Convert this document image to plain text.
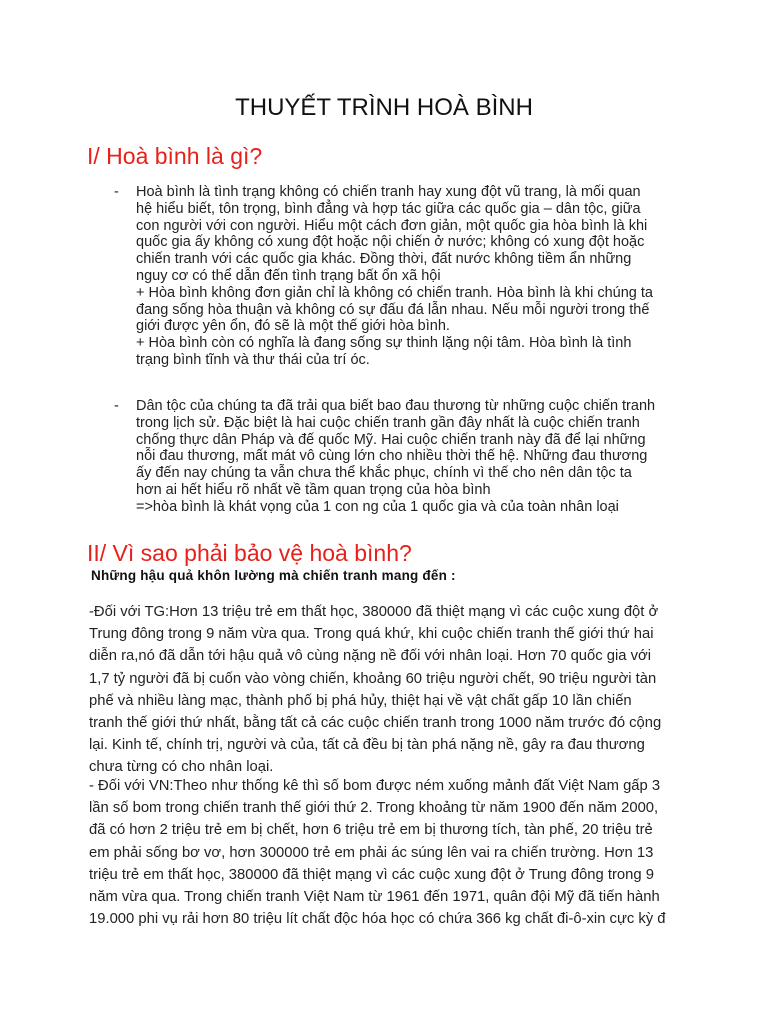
THUYẾT TRÌNH HOÀ BÌNH
I/ Hoà bình là gì?
- Hoà bình là tình trạng không có chiến tranh hay xung đột vũ trang, là mối quan
hệ hiểu biết, tôn trọng, bình đẳng và hợp tác giữa các quốc gia – dân tộc, giữa
con người với con người. Hiểu một cách đơn giản, một quốc gia hòa bình là khi
quốc gia ấy không có xung đột hoặc nội chiến ở nước; không có xung đột hoặc
chiến tranh với các quốc gia khác. Đồng thời, đất nước không tiềm ẩn những
nguy cơ có thể dẫn đến tình trạng bất ổn xã hội
+ Hòa bình không đơn giản chỉ là không có chiến tranh. Hòa bình là khi chúng ta
đang sống hòa thuận và không có sự đấu đá lẫn nhau. Nếu mỗi người trong thế
giới được yên ổn, đó sẽ là một thế giới hòa bình.
+ Hòa bình còn có nghĩa là đang sống sự thinh lặng nội tâm. Hòa bình là tình
trạng bình tĩnh và thư thái của trí óc.
- Dân tộc của chúng ta đã trải qua biết bao đau thương từ những cuộc chiến tranh
trong lịch sử. Đặc biệt là hai cuộc chiến tranh gần đây nhất là cuộc chiến tranh
chống thực dân Pháp và đế quốc Mỹ. Hai cuộc chiến tranh này đã để lại những
nỗi đau thương, mất mát vô cùng lớn cho nhiều thời thế hệ. Những đau thương
ấy đến nay chúng ta vẫn chưa thể khắc phục, chính vì thế cho nên dân tộc ta
hơn ai hết hiểu rõ nhất về tầm quan trọng của hòa bình
=>hòa bình là khát vọng của 1 con ng của 1 quốc gia và của toàn nhân loại
II/ Vì sao phải bảo vệ hoà bình?
Những hậu quả khôn lường mà chiến tranh mang đến :
-Đối với TG:Hơn 13 triệu trẻ em thất học, 380000 đã thiệt mạng vì các cuộc xung đột ở
Trung đông trong 9 năm vừa qua. Trong quá khứ, khi cuộc chiến tranh thế giới thứ hai
diễn ra,nó đã dẫn tới hậu quả vô cùng nặng nề đối với nhân loại. Hơn 70 quốc gia với
1,7 tỷ người đã bị cuốn vào vòng chiến, khoảng 60 triệu người chết, 90 triệu người tàn
phế và nhiều làng mạc, thành phố bị phá hủy, thiệt hại về vật chất gấp 10 lần chiến
tranh thế giới thứ nhất, bằng tất cả các cuộc chiến tranh trong 1000 năm trước đó cộng
lại. Kinh tế, chính trị, người và của, tất cả đều bị tàn phá nặng nề, gây ra đau thương
chưa từng có cho nhân loại.
- Đối với VN:Theo như thống kê thì số bom được ném xuống mảnh đất Việt Nam gấp 3
lần số bom trong chiến tranh thế giới thứ 2. Trong khoảng từ năm 1900 đến năm 2000,
đã có hơn 2 triệu trẻ em bị chết, hơn 6 triệu trẻ em bị thương tích, tàn phế, 20 triệu trẻ
em phải sống bơ vơ, hơn 300000 trẻ em phải ác súng lên vai ra chiến trường. Hơn 13
triệu trẻ em thất học, 380000 đã thiệt mạng vì các cuộc xung đột ở Trung đông trong 9
năm vừa qua. Trong chiến tranh Việt Nam từ 1961 đến 1971, quân đội Mỹ đã tiến hành
19.000 phi vụ rải hơn 80 triệu lít chất độc hóa học có chứa 366 kg chất đi-ô-xin cực kỳ đ
